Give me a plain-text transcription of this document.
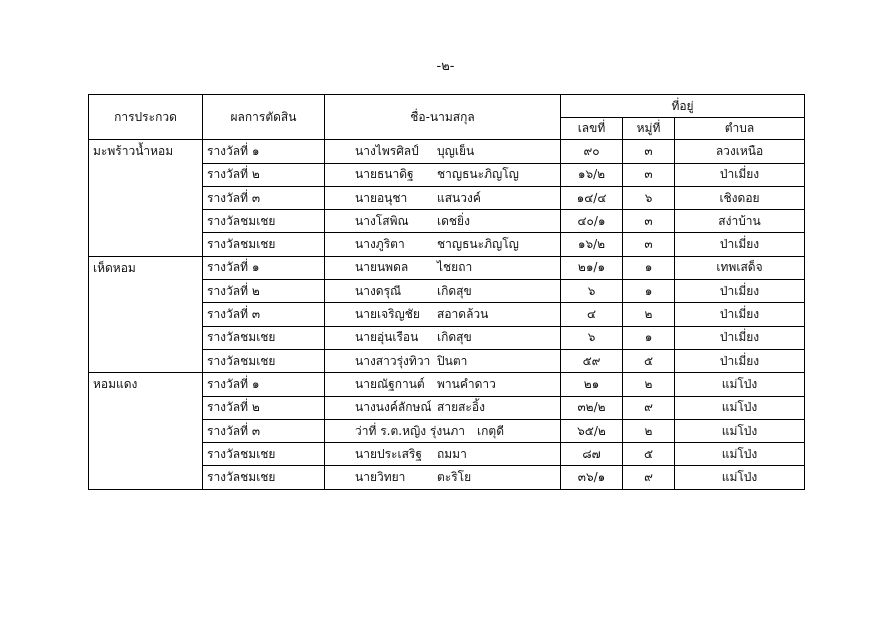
-๒-
การประกวด	ผลการตัดสิน	ชื่อ-นามสกุล	ที่อยู่		
			เลขที่	หมู่ที่	ตำบล
มะพร้าวน้ำหอม	รางวัลที่ ๑	นางไพรศิลป์ บุญเย็น	๙๐	๓	ลวงเหนือ
	รางวัลที่ ๒	นายธนาดิฐ ชาญธนะภิญโญ	๑๖/๒	๓	ป่าเมี่ยง
	รางวัลที่ ๓	นายอนุชา แสนวงค์	๑๔/๔	๖	เชิงดอย
	รางวัลชมเชย	นางโสพิณ เดชยิ่ง	๔๐/๑	๓	สง่าบ้าน
	รางวัลชมเชย	นางภูริตา ชาญธนะภิญโญ	๑๖/๒	๓	ป่าเมี่ยง
เห็ดหอม	รางวัลที่ ๑	นายนพดล ไชยถา	๒๑/๑	๑	เทพเสด็จ
	รางวัลที่ ๒	นางดรุณี เกิดสุข	๖	๑	ป่าเมี่ยง
	รางวัลที่ ๓	นายเจริญชัย สอาดล้วน	๔	๒	ป่าเมี่ยง
	รางวัลชมเชย	นายอุ่นเรือน เกิดสุข	๖	๑	ป่าเมี่ยง
	รางวัลชมเชย	นางสาวรุ่งทิวา ปินตา	๕๙	๕	ป่าเมี่ยง
หอมแดง	รางวัลที่ ๑	นายณัฐกานต์ พานคำดาว	๒๑	๒	แม่โป่ง
	รางวัลที่ ๒	นางนงค์ลักษณ์ สายสะอิ้ง	๓๒/๒	๙	แม่โป่ง
	รางวัลที่ ๓	ว่าที่ ร.ต.หญิง รุ่งนภา เกตุดี	๖๕/๒	๒	แม่โป่ง
	รางวัลชมเชย	นายประเสริฐ ถมมา	๘๗	๕	แม่โป่ง
	รางวัลชมเชย	นายวิทยา ตะริโย	๓๖/๑	๙	แม่โป่ง
